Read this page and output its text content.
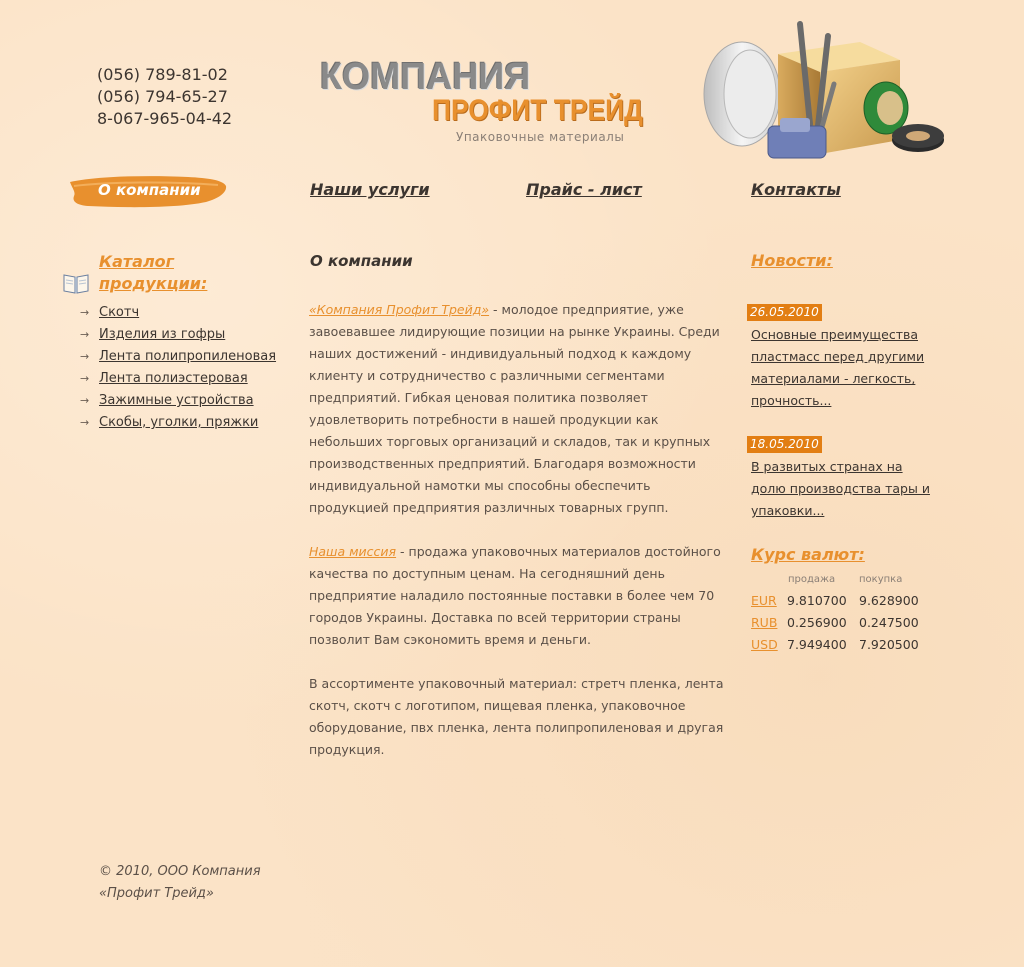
(056) 789-81-02
(056) 794-65-27
8-067-965-04-42
КОМПАНИЯ
ПРОФИТ ТРЕЙД
Упаковочные материалы
О компании	Наши услуги	Прайс - лист	Контакты
Каталог
продукции:
→ Скотч
→ Изделия из гофры
→ Лента полипропиленовая
→ Лента полиэстеровая
→ Зажимные устройства
→ Скобы, уголки, пряжки
О компании
«Компания Профит Трейд» - молодое предприятие, уже завоевавшее лидирующие позиции на рынке Украины. Среди наших достижений - индивидуальный подход к каждому клиенту и сотрудничество с различными сегментами предприятий. Гибкая ценовая политика позволяет удовлетворить потребности в нашей продукции как небольших торговых организаций и складов, так и крупных производственных предприятий. Благодаря возможности индивидуальной намотки мы способны обеспечить продукцией предприятия различных товарных групп.
Наша миссия - продажа упаковочных материалов достойного качества по доступным ценам. На сегодняшний день предприятие наладило постоянные поставки в более чем 70 городов Украины. Доставка по всей территории страны позволит Вам сэкономить время и деньги.
В ассортименте упаковочный материал: стретч пленка, лента скотч, скотч с логотипом, пищевая пленка, упаковочное оборудование, пвх пленка, лента полипропиленовая и другая продукция.
Новости:
26.05.2010
Основные преимущества пластмасс перед другими материалами - легкость, прочность...
18.05.2010
В развитых странах на долю производства тары и упаковки...
Курс валют:
продажа покупка
EUR 9.810700 9.628900
RUB 0.256900 0.247500
USD 7.949400 7.920500
© 2010, ООО Компания
«Профит Трейд»
